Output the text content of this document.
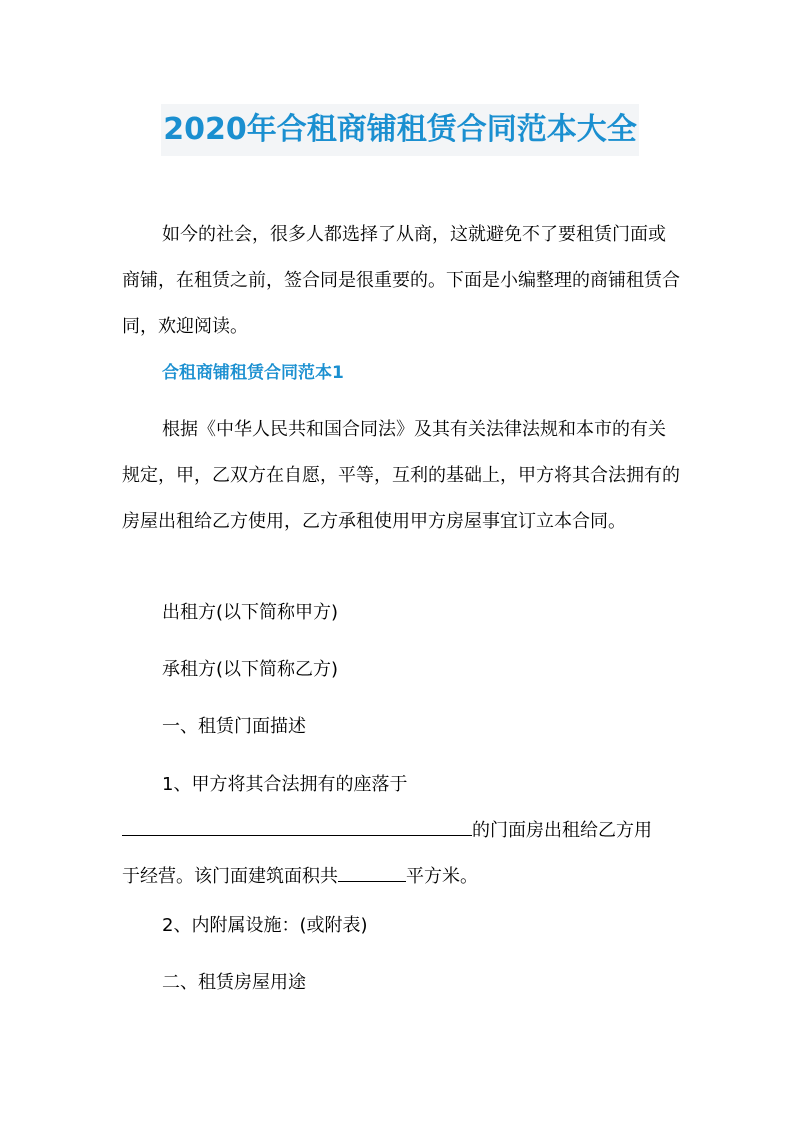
2020年合租商铺租赁合同范本大全
如今的社会，很多人都选择了从商，这就避免不了要租赁门面或商铺，在租赁之前，签合同是很重要的。下面是小编整理的商铺租赁合同，欢迎阅读。
合租商铺租赁合同范本1
根据《中华人民共和国合同法》及其有关法律法规和本市的有关规定，甲，乙双方在自愿，平等，互利的基础上，甲方将其合法拥有的房屋出租给乙方使用，乙方承租使用甲方房屋事宜订立本合同。
出租方(以下简称甲方)
承租方(以下简称乙方)
一、租赁门面描述
1、甲方将其合法拥有的座落于
的门面房出租给乙方用
于经营。该门面建筑面积共	平方米。
2、内附属设施：(或附表)
二、租赁房屋用途
